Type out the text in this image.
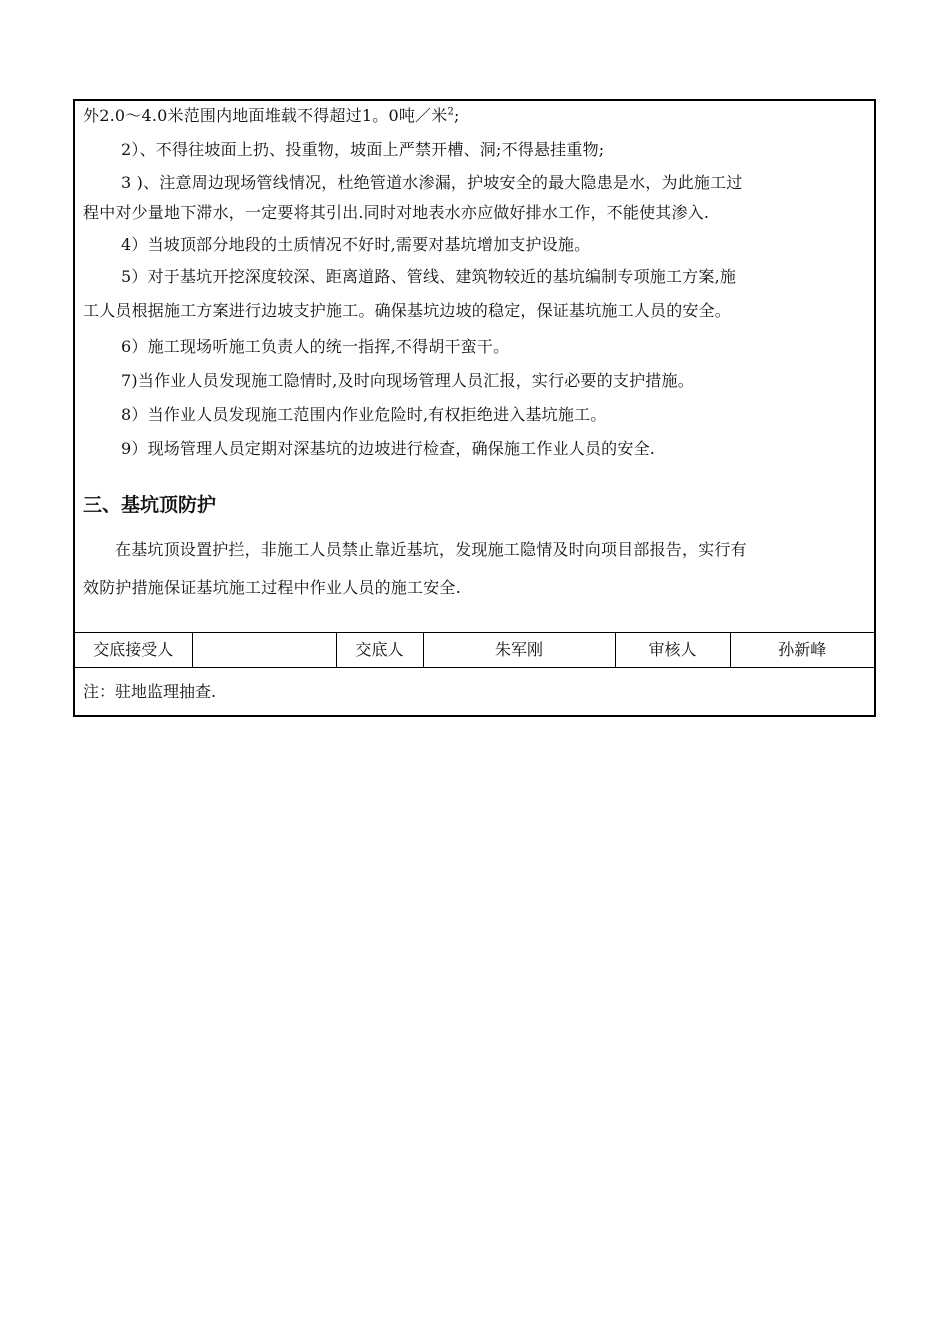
外2.0～4.0米范围内地面堆载不得超过1。0吨／米$^2$;
2）、不得往坡面上扔、投重物，坡面上严禁开槽、洞;不得悬挂重物;
3 )、注意周边现场管线情况，杜绝管道水渗漏，护坡安全的最大隐患是水，为此施工过
程中对少量地下滞水，一定要将其引出.同时对地表水亦应做好排水工作，不能使其渗入.
4）当坡顶部分地段的土质情况不好时,需要对基坑增加支护设施。
5）对于基坑开挖深度较深、距离道路、管线、建筑物较近的基坑编制专项施工方案,施
工人员根据施工方案进行边坡支护施工。确保基坑边坡的稳定，保证基坑施工人员的安全。
6）施工现场听施工负责人的统一指挥,不得胡干蛮干。
7)当作业人员发现施工隐情时,及时向现场管理人员汇报，实行必要的支护措施。
8）当作业人员发现施工范围内作业危险时,有权拒绝进入基坑施工。
9）现场管理人员定期对深基坑的边坡进行检查，确保施工作业人员的安全.
三、基坑顶防护
在基坑顶设置护拦，非施工人员禁止靠近基坑，发现施工隐情及时向项目部报告，实行有
效防护措施保证基坑施工过程中作业人员的施工安全.
交底接受人		交底人	朱军刚	审核人	孙新峰
注：驻地监理抽查.
